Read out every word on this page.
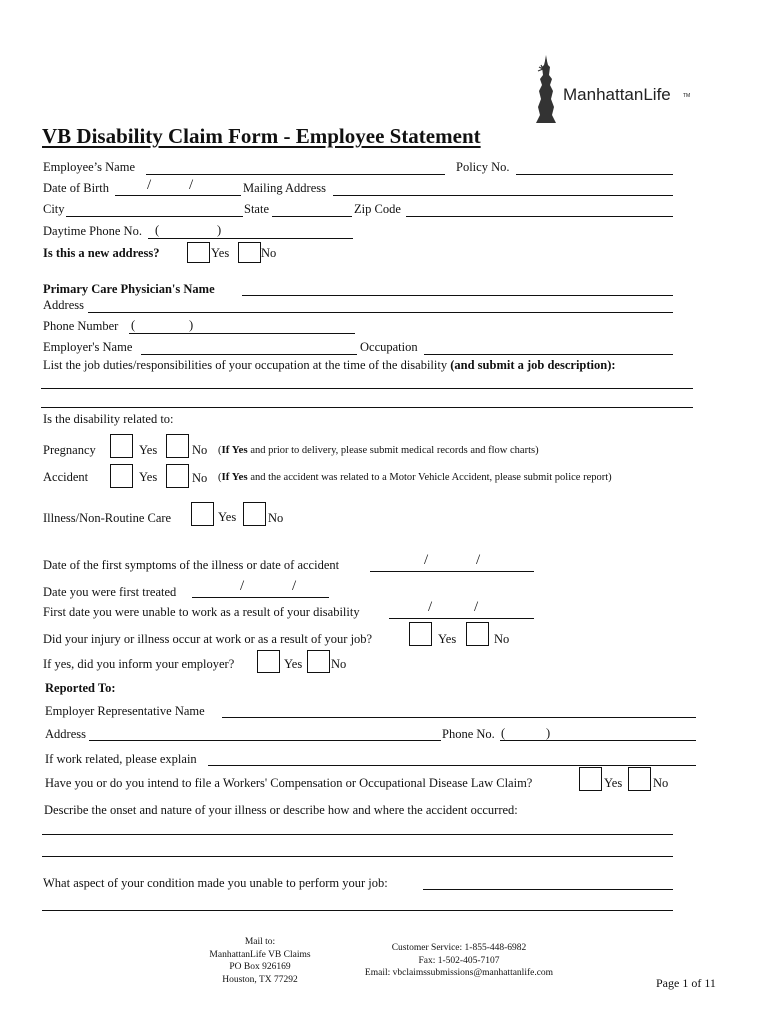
ManhattanLife TM
VB Disability Claim Form - Employee Statement
Employee’s Name	Policy No.
Date of Birth	/	/	Mailing Address
City	State	Zip Code
Daytime Phone No. (	)
Is this a new address?	Yes	No
Primary Care Physician's Name
Address
Phone Number (	)
Employer's Name	Occupation
List the job duties/responsibilities of your occupation at the time of the disability (and submit a job description):
Is the disability related to:
Pregnancy	Yes	No (If Yes and prior to delivery, please submit medical records and flow charts)
Accident	Yes	No (If Yes and the accident was related to a Motor Vehicle Accident, please submit police report)
Illness/Non-Routine Care	Yes	No
Date of the first symptoms of the illness or date of accident	/	/
Date you were first treated	/	/
First date you were unable to work as a result of your disability	/	/
Did your injury or illness occur at work or as a result of your job?	Yes	No
If yes, did you inform your employer?	Yes No
Reported To:
Employer Representative Name
Address	Phone No. (	)
If work related, please explain
Have you or do you intend to file a Workers' Compensation or Occupational Disease Law Claim?	Yes No
Describe the onset and nature of your illness or describe how and where the accident occurred:
What aspect of your condition made you unable to perform your job:
Mail to:
ManhattanLife VB Claims
PO Box 926169
Houston, TX 77292
Customer Service: 1-855-448-6982
Fax: 1-502-405-7107
Email: vbclaimssubmissions@manhattanlife.com
Page 1 of 11
